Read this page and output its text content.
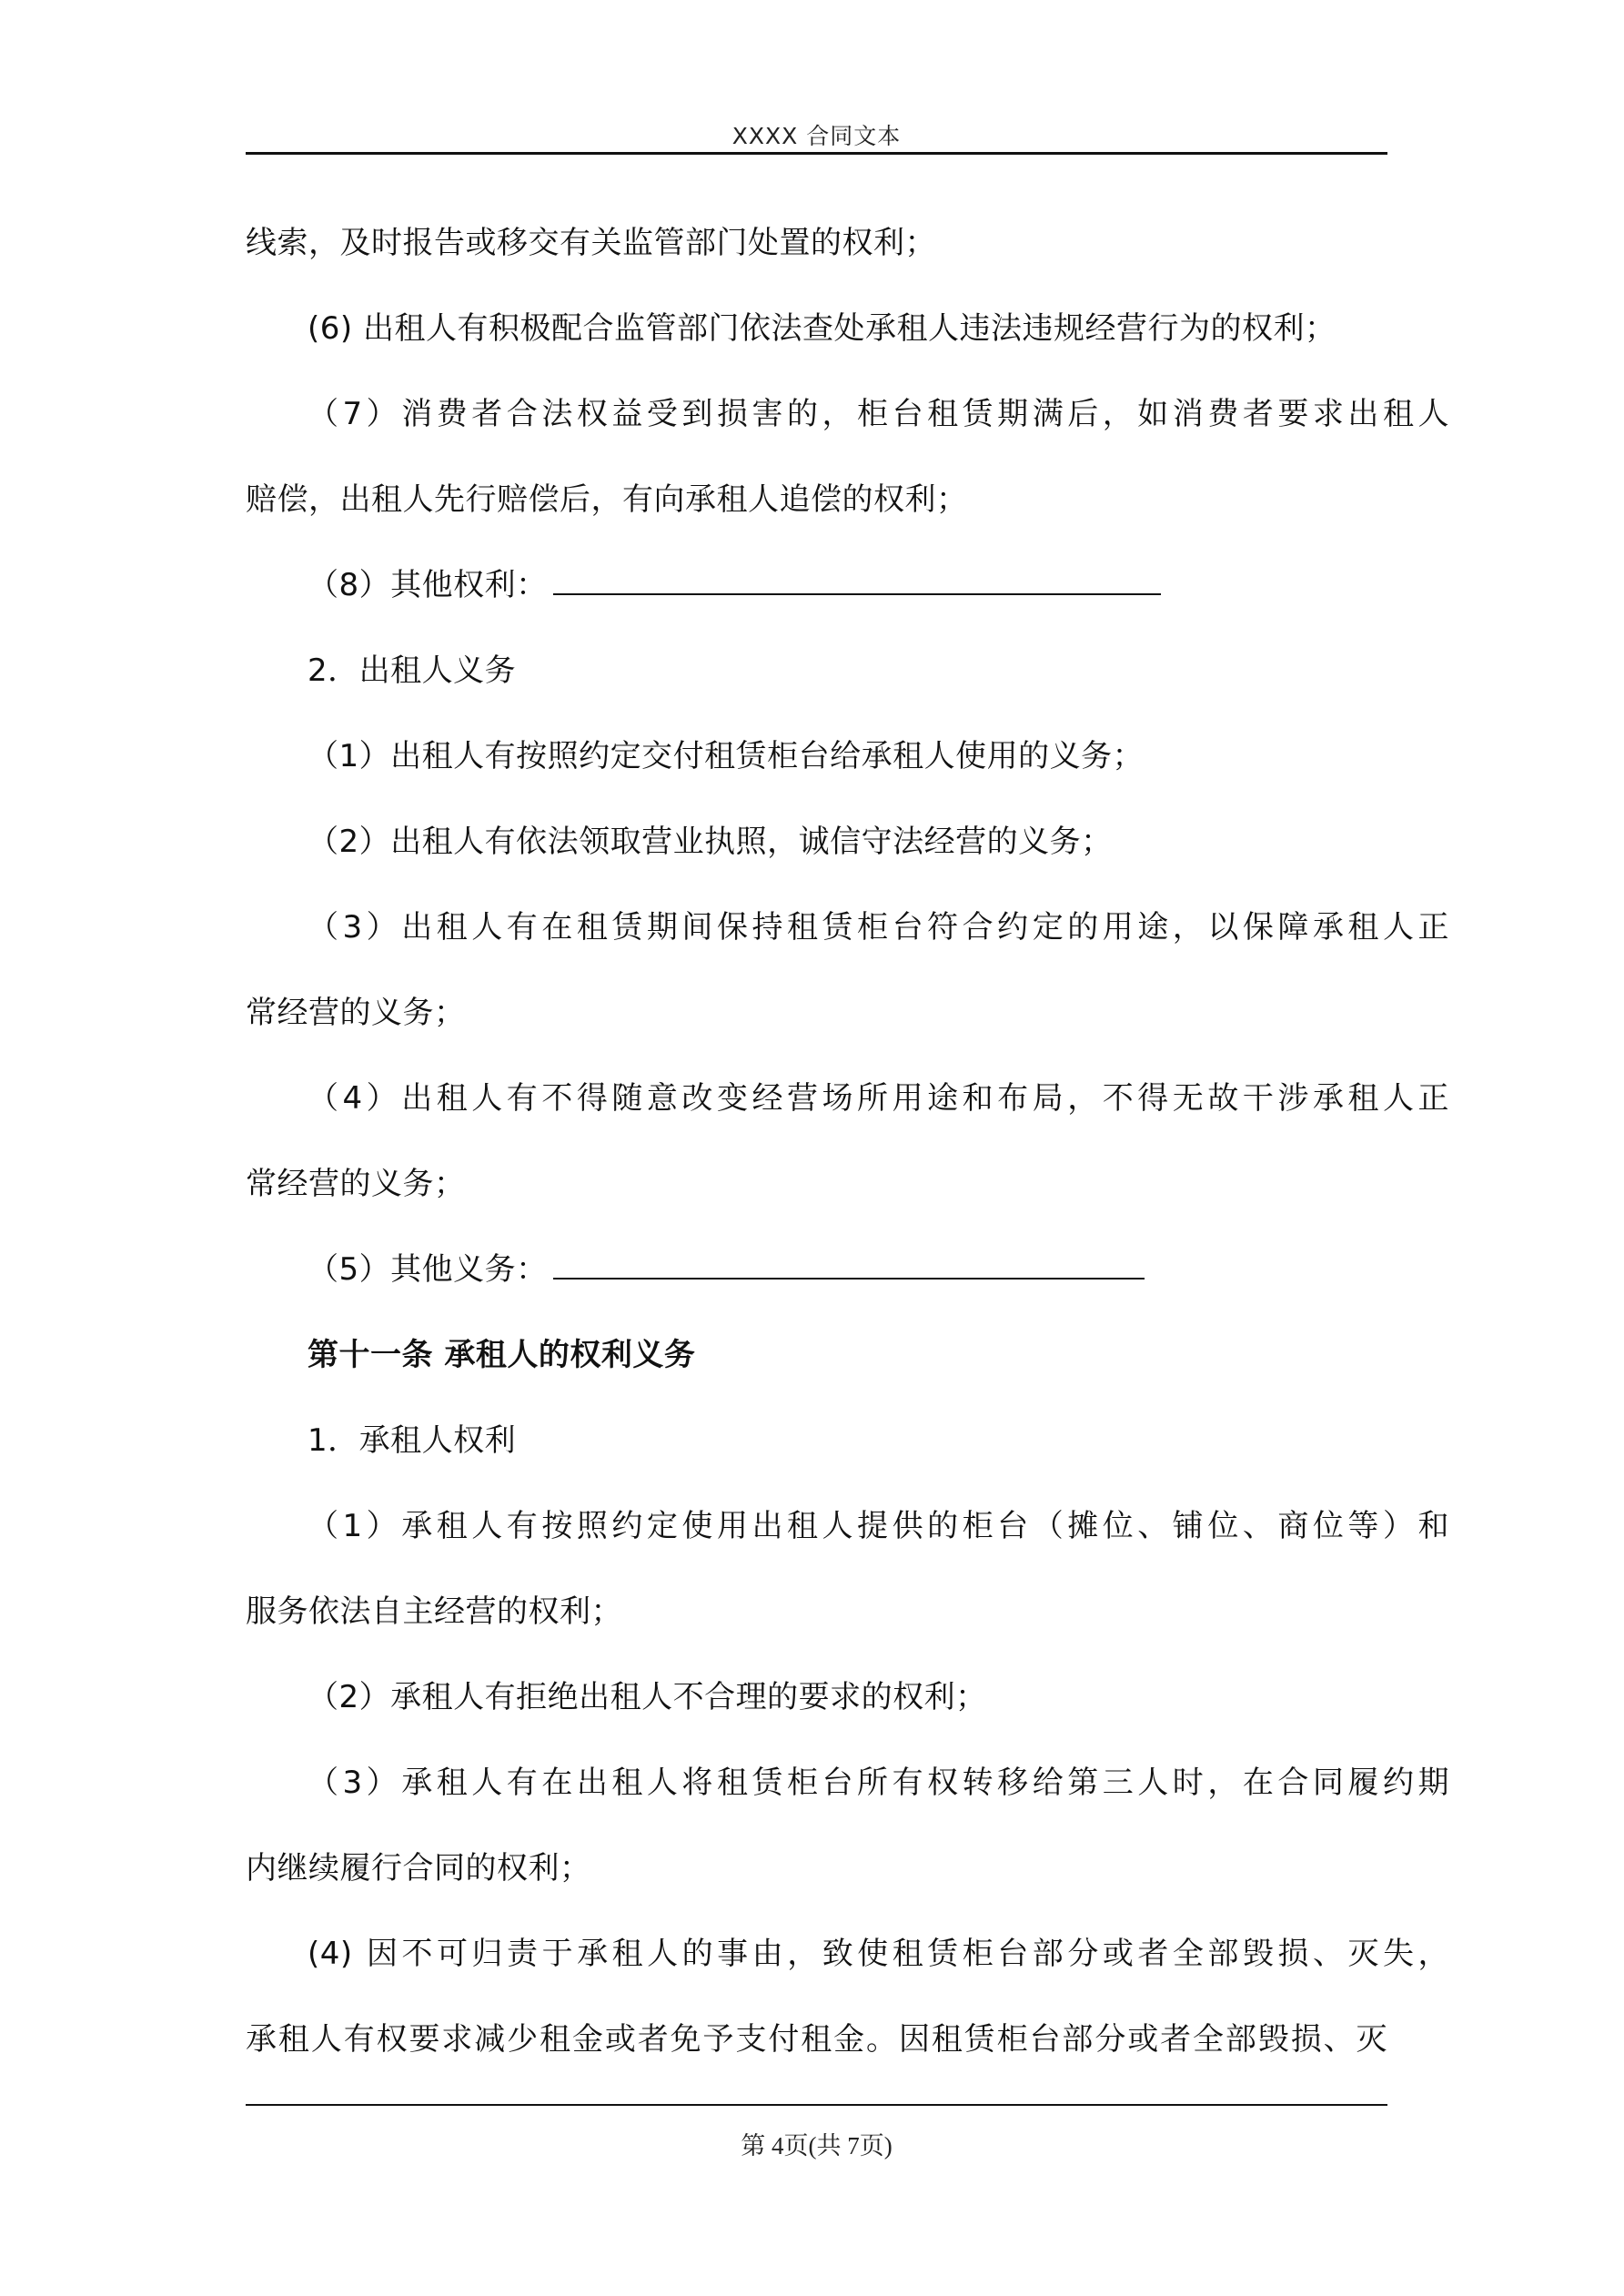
XXXX 合同文本
线索，及时报告或移交有关监管部门处置的权利；
(6) 出租人有积极配合监管部门依法查处承租人违法违规经营行为的权利；
（7）消费者合法权益受到损害的，柜台租赁期满后，如消费者要求出租人
赔偿，出租人先行赔偿后，有向承租人追偿的权利；
（8）其他权利：
2．出租人义务
（1）出租人有按照约定交付租赁柜台给承租人使用的义务；
（2）出租人有依法领取营业执照，诚信守法经营的义务；
（3）出租人有在租赁期间保持租赁柜台符合约定的用途，以保障承租人正
常经营的义务；
（4）出租人有不得随意改变经营场所用途和布局，不得无故干涉承租人正
常经营的义务；
（5）其他义务：
第十一条 承租人的权利义务
1．承租人权利
（1）承租人有按照约定使用出租人提供的柜台（摊位、铺位、商位等）和
服务依法自主经营的权利；
（2）承租人有拒绝出租人不合理的要求的权利；
（3）承租人有在出租人将租赁柜台所有权转移给第三人时，在合同履约期
内继续履行合同的权利；
(4) 因不可归责于承租人的事由，致使租赁柜台部分或者全部毁损、灭失，
承租人有权要求减少租金或者免予支付租金。因租赁柜台部分或者全部毁损、灭
第 4页(共 7页)
